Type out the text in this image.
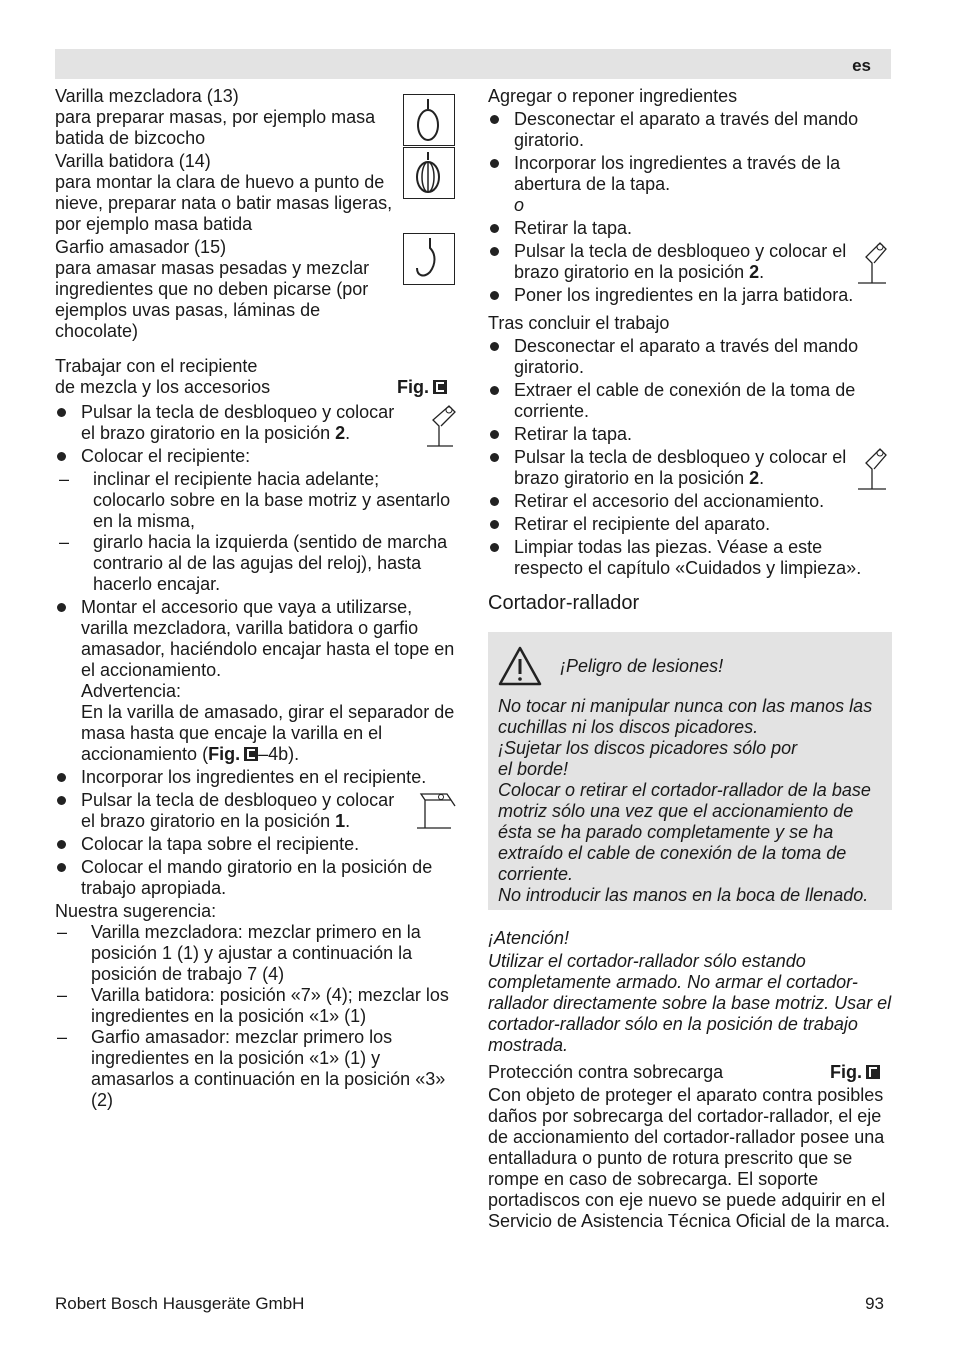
es

Varilla mezcladora (13)

para preparar masas, por ejemplo masa batida de bizcocho

Varilla batidora (14)

para montar la clara de huevo a punto de nieve, preparar nata o batir masas ligeras, por ejemplo masa batida

Garfio amasador (15)

para amasar masas pesadas y mezclar ingredientes que no deben picarse (por ejemplos uvas pasas, láminas de chocolate)

Trabajar con el recipiente

de mezcla y los accesorios	Fig.
Pulsar la tecla de desbloqueo y colocar el brazo giratorio en la posición 2.
Colocar el recipiente:
– inclinar el recipiente hacia adelante; colocarlo sobre en la base motriz y asentarlo en la misma,
– girarlo hacia la izquierda (sentido de marcha contrario al de las agujas del reloj), hasta hacerlo encajar.
Montar el accesorio que vaya a utilizarse, varilla mezcladora, varilla batidora o garfio amasador, haciéndolo encajar hasta el tope en el accionamiento.

Advertencia:

En la varilla de amasado, girar el separador de masa hasta que encaje la varilla en el accionamiento (Fig. –4b).

Incorporar los ingredientes en el recipiente.
Pulsar la tecla de desbloqueo y colocar el brazo giratorio en la posición 1.
Colocar la tapa sobre el recipiente.
Colocar el mando giratorio en la posición de trabajo apropiada.

Nuestra sugerencia:

– Varilla mezcladora: mezclar primero en la posición 1 (1) y ajustar a continuación la posición de trabajo 7 (4)
– Varilla batidora: posición «7» (4); mezclar los ingredientes en la posición «1» (1)
– Garfio amasador: mezclar primero los ingredientes en la posición «1» (1) y amasarlos a continuación en la posición «3» (2)

Agregar o reponer ingredientes

Desconectar el aparato a través del mando giratorio.
Incorporar los ingredientes a través de la abertura de la tapa.

o

Retirar la tapa.
Pulsar la tecla de desbloqueo y colocar el brazo giratorio en la posición 2.
Poner los ingredientes en la jarra batidora.

Tras concluir el trabajo

Desconectar el aparato a través del mando giratorio.
Extraer el cable de conexión de la toma de corriente.
Retirar la tapa.
Pulsar la tecla de desbloqueo y colocar el brazo giratorio en la posición 2.
Retirar el accesorio del accionamiento.
Retirar el recipiente del aparato.
Limpiar todas las piezas. Véase a este respecto el capítulo «Cuidados y limpieza».

Cortador-rallador

¡Peligro de lesiones!

No tocar ni manipular nunca con las manos las cuchillas ni los discos picadores.

¡Sujetar los discos picadores sólo por el borde!

Colocar o retirar el cortador-rallador de la base motriz sólo una vez que el accionamiento de ésta se ha parado completamente y se ha extraído el cable de conexión de la toma de corriente.

No introducir las manos en la boca de llenado.

¡Atención!

Utilizar el cortador-rallador sólo estando completamente armado. No armar el cortador-rallador directamente sobre la base motriz. Usar el cortador-rallador sólo en la posición de trabajo mostrada.

Protección contra sobrecarga	Fig.

Con objeto de proteger el aparato contra posibles daños por sobrecarga del cortador-rallador, el eje de accionamiento del cortador-rallador posee una entalladura o punto de rotura prescrito que se rompe en caso de sobrecarga. El soporte portadiscos con eje nuevo se puede adquirir en el Servicio de Asistencia Técnica Oficial de la marca.

Robert Bosch Hausgeräte GmbH	93
